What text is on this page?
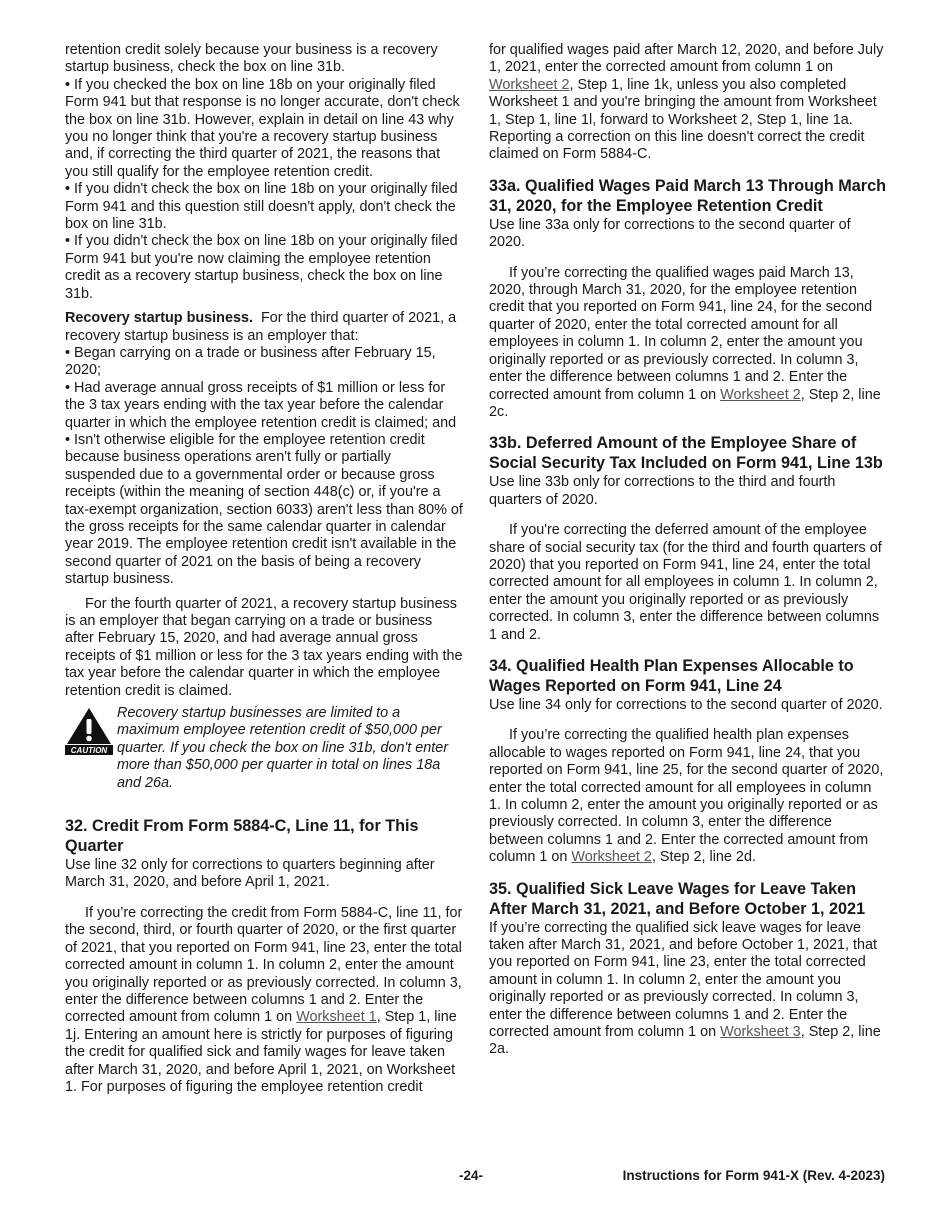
retention credit solely because your business is a recovery startup business, check the box on line 31b.

• If you checked the box on line 18b on your originally filed Form 941 but that response is no longer accurate, don't check the box on line 31b. However, explain in detail on line 43 why you no longer think that you're a recovery startup business and, if correcting the third quarter of 2021, the reasons that you still qualify for the employee retention credit.

• If you didn't check the box on line 18b on your originally filed Form 941 and this question still doesn't apply, don't check the box on line 31b.

• If you didn't check the box on line 18b on your originally filed Form 941 but you're now claiming the employee retention credit as a recovery startup business, check the box on line 31b.

Recovery startup business. For the third quarter of 2021, a recovery startup business is an employer that:

• Began carrying on a trade or business after February 15, 2020;

• Had average annual gross receipts of $1 million or less for the 3 tax years ending with the tax year before the calendar quarter in which the employee retention credit is claimed; and

• Isn't otherwise eligible for the employee retention credit because business operations aren't fully or partially suspended due to a governmental order or because gross receipts (within the meaning of section 448(c) or, if you're a tax-exempt organization, section 6033) aren't less than 80% of the gross receipts for the same calendar quarter in calendar year 2019. The employee retention credit isn't available in the second quarter of 2021 on the basis of being a recovery startup business.

For the fourth quarter of 2021, a recovery startup business is an employer that began carrying on a trade or business after February 15, 2020, and had average annual gross receipts of $1 million or less for the 3 tax years ending with the tax year before the calendar quarter in which the employee retention credit is claimed.

CAUTION
Recovery startup businesses are limited to a maximum employee retention credit of $50,000 per quarter. If you check the box on line 31b, don't enter more than $50,000 per quarter in total on lines 18a and 26a.
32. Credit From Form 5884-C, Line 11, for This Quarter

Use line 32 only for corrections to quarters beginning after March 31, 2020, and before April 1, 2021.

If you’re correcting the credit from Form 5884-C, line 11, for the second, third, or fourth quarter of 2020, or the first quarter of 2021, that you reported on Form 941, line 23, enter the total corrected amount in column 1. In column 2, enter the amount you originally reported or as previously corrected. In column 3, enter the difference between columns 1 and 2. Enter the corrected amount from column 1 on Worksheet 1, Step 1, line 1j. Entering an amount here is strictly for purposes of figuring the credit for qualified sick and family wages for leave taken after March 31, 2020, and before April 1, 2021, on Worksheet 1. For purposes of figuring the employee retention credit

for qualified wages paid after March 12, 2020, and before July 1, 2021, enter the corrected amount from column 1 on Worksheet 2, Step 1, line 1k, unless you also completed Worksheet 1 and you're bringing the amount from Worksheet 1, Step 1, line 1l, forward to Worksheet 2, Step 1, line 1a. Reporting a correction on this line doesn't correct the credit claimed on Form 5884-C.

33a. Qualified Wages Paid March 13 Through March 31, 2020, for the Employee Retention Credit

Use line 33a only for corrections to the second quarter of 2020.

If you’re correcting the qualified wages paid March 13, 2020, through March 31, 2020, for the employee retention credit that you reported on Form 941, line 24, for the second quarter of 2020, enter the total corrected amount for all employees in column 1. In column 2, enter the amount you originally reported or as previously corrected. In column 3, enter the difference between columns 1 and 2. Enter the corrected amount from column 1 on Worksheet 2, Step 2, line 2c.

33b. Deferred Amount of the Employee Share of Social Security Tax Included on Form 941, Line 13b

Use line 33b only for corrections to the third and fourth quarters of 2020.

If you're correcting the deferred amount of the employee share of social security tax (for the third and fourth quarters of 2020) that you reported on Form 941, line 24, enter the total corrected amount for all employees in column 1. In column 2, enter the amount you originally reported or as previously corrected. In column 3, enter the difference between columns 1 and 2.

34. Qualified Health Plan Expenses Allocable to Wages Reported on Form 941, Line 24

Use line 34 only for corrections to the second quarter of 2020.

If you’re correcting the qualified health plan expenses allocable to wages reported on Form 941, line 24, that you reported on Form 941, line 25, for the second quarter of 2020, enter the total corrected amount for all employees in column 1. In column 2, enter the amount you originally reported or as previously corrected. In column 3, enter the difference between columns 1 and 2. Enter the corrected amount from column 1 on Worksheet 2, Step 2, line 2d.

35. Qualified Sick Leave Wages for Leave Taken After March 31, 2021, and Before October 1, 2021

If you’re correcting the qualified sick leave wages for leave taken after March 31, 2021, and before October 1, 2021, that you reported on Form 941, line 23, enter the total corrected amount in column 1. In column 2, enter the amount you originally reported or as previously corrected. In column 3, enter the difference between columns 1 and 2. Enter the corrected amount from column 1 on Worksheet 3, Step 2, line 2a.

-24-	Instructions for Form 941-X (Rev. 4-2023)
